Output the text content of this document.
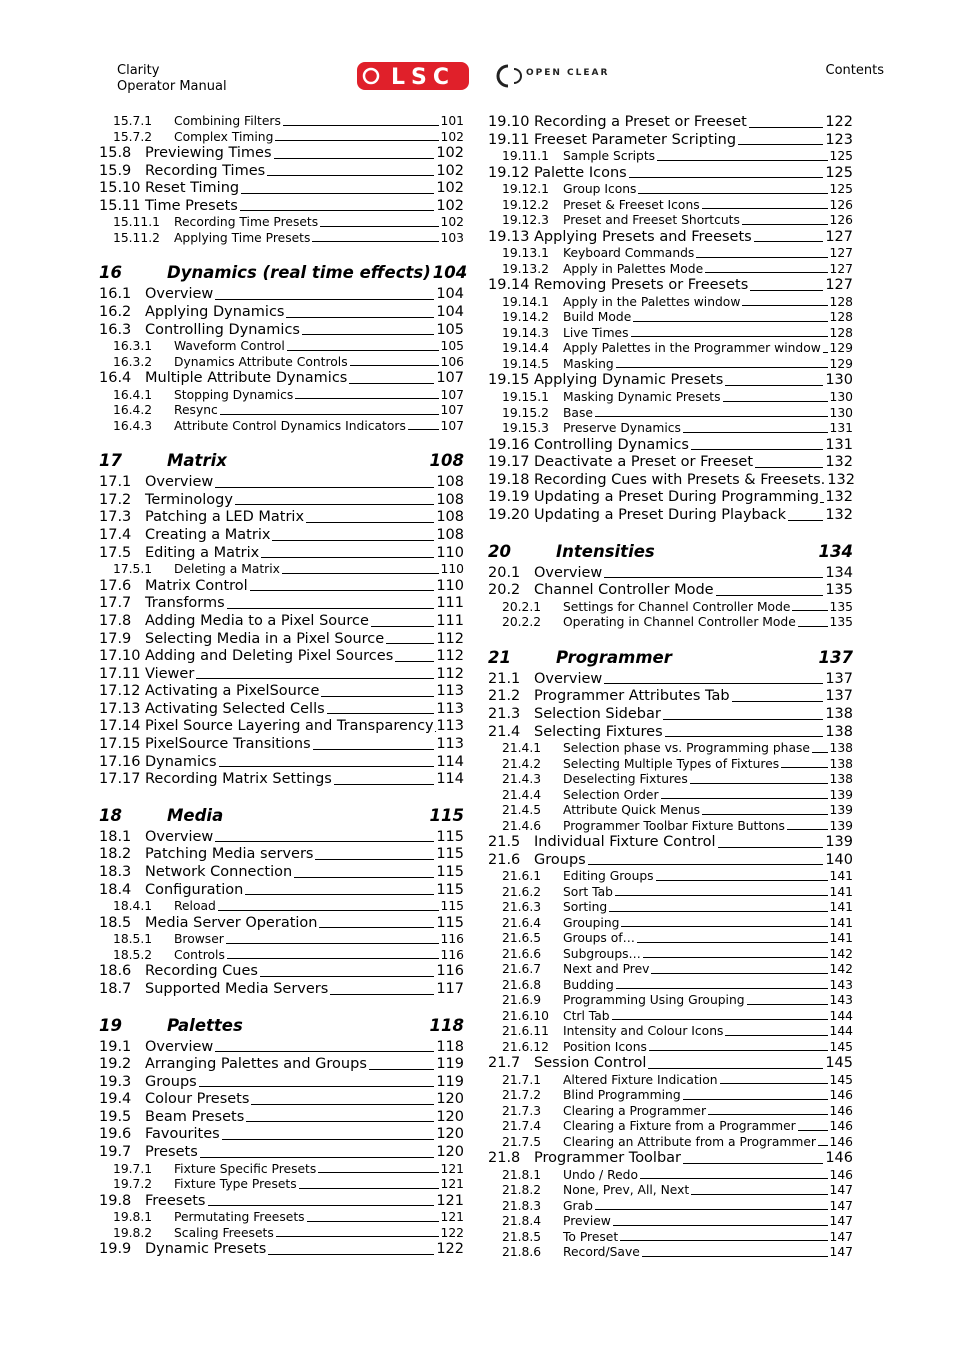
Clarity
Operator Manual	LSC	OPEN CLEAR	Contents
15.7.1	Combining Filters	101
15.7.2	Complex Timing	102
15.8 Previewing Times	102
15.9 Recording Times	102
15.10 Reset Timing	102
15.11 Time Presets	102
15.11.1	Recording Time Presets	102
15.11.2	Applying Time Presets	103
16	Dynamics (real time effects) 104
16.1 Overview	104
16.2 Applying Dynamics	104
16.3 Controlling Dynamics	105
16.3.1	Waveform Control	105
16.3.2	Dynamics Attribute Controls	106
16.4 Multiple Attribute Dynamics	107
16.4.1	Stopping Dynamics	107
16.4.2	Resync	107
16.4.3	Attribute Control Dynamics Indicators	107
17	Matrix	108
17.1 Overview	108
17.2 Terminology	108
17.3 Patching a LED Matrix	108
17.4 Creating a Matrix	108
17.5 Editing a Matrix	110
17.5.1	Deleting a Matrix	110
17.6 Matrix Control	110
17.7 Transforms	111
17.8 Adding Media to a Pixel Source	111
17.9 Selecting Media in a Pixel Source	112
17.10 Adding and Deleting Pixel Sources	112
17.11 Viewer	112
17.12 Activating a PixelSource	113
17.13 Activating Selected Cells	113
17.14 Pixel Source Layering and Transparency 113
17.15 PixelSource Transitions	113
17.16 Dynamics	114
17.17 Recording Matrix Settings	114
18	Media	115
18.1 Overview	115
18.2 Patching Media servers	115
18.3 Network Connection	115
18.4 Configuration	115
18.4.1	Reload	115
18.5 Media Server Operation	115
18.5.1	Browser	116
18.5.2	Controls	116
18.6 Recording Cues	116
18.7 Supported Media Servers	117
19	Palettes	118
19.1 Overview	118
19.2 Arranging Palettes and Groups	119
19.3 Groups	119
19.4 Colour Presets	120
19.5 Beam Presets	120
19.6 Favourites	120
19.7 Presets	120
19.7.1	Fixture Specific Presets	121
19.7.2	Fixture Type Presets	121
19.8 Freesets	121
19.8.1	Permutating Freesets	121
19.8.2	Scaling Freesets	122
19.9 Dynamic Presets	122
19.10 Recording a Preset or Freeset	122
19.11 Freeset Parameter Scripting	123
19.11.1	Sample Scripts	125
19.12 Palette Icons	125
19.12.1	Group Icons	125
19.12.2	Preset & Freeset Icons	126
19.12.3	Preset and Freeset Shortcuts	126
19.13 Applying Presets and Freesets	127
19.13.1	Keyboard Commands	127
19.13.2	Apply in Palettes Mode	127
19.14 Removing Presets or Freesets	127
19.14.1	Apply in the Palettes window	128
19.14.2	Build Mode	128
19.14.3	Live Times	128
19.14.4	Apply Palettes in the Programmer window 129
19.14.5	Masking	129
19.15 Applying Dynamic Presets	130
19.15.1	Masking Dynamic Presets	130
19.15.2	Base	130
19.15.3	Preserve Dynamics	131
19.16 Controlling Dynamics	131
19.17 Deactivate a Preset or Freeset	132
19.18 Recording Cues with Presets & Freesets. 132
19.19 Updating a Preset During Programming 132
19.20 Updating a Preset During Playback	132
20	Intensities	134
20.1 Overview	134
20.2 Channel Controller Mode	135
20.2.1	Settings for Channel Controller Mode	135
20.2.2	Operating in Channel Controller Mode	135
21	Programmer	137
21.1 Overview	137
21.2 Programmer Attributes Tab	137
21.3 Selection Sidebar	138
21.4 Selecting Fixtures	138
21.4.1	Selection phase vs. Programming phase 138
21.4.2	Selecting Multiple Types of Fixtures	138
21.4.3	Deselecting Fixtures	138
21.4.4	Selection Order	139
21.4.5	Attribute Quick Menus	139
21.4.6	Programmer Toolbar Fixture Buttons	139
21.5 Individual Fixture Control	139
21.6 Groups	140
21.6.1	Editing Groups	141
21.6.2	Sort Tab	141
21.6.3	Sorting	141
21.6.4	Grouping	141
21.6.5	Groups of…	141
21.6.6	Subgroups…	142
21.6.7	Next and Prev	142
21.6.8	Budding	143
21.6.9	Programming Using Grouping	143
21.6.10	Ctrl Tab	144
21.6.11	Intensity and Colour Icons	144
21.6.12	Position Icons	145
21.7 Session Control	145
21.7.1	Altered Fixture Indication	145
21.7.2	Blind Programming	146
21.7.3	Clearing a Programmer	146
21.7.4	Clearing a Fixture from a Programmer	146
21.7.5	Clearing an Attribute from a Programmer 146
21.8 Programmer Toolbar	146
21.8.1	Undo / Redo	146
21.8.2	None, Prev, All, Next	147
21.8.3	Grab	147
21.8.4	Preview	147
21.8.5	To Preset	147
21.8.6	Record/Save	147
